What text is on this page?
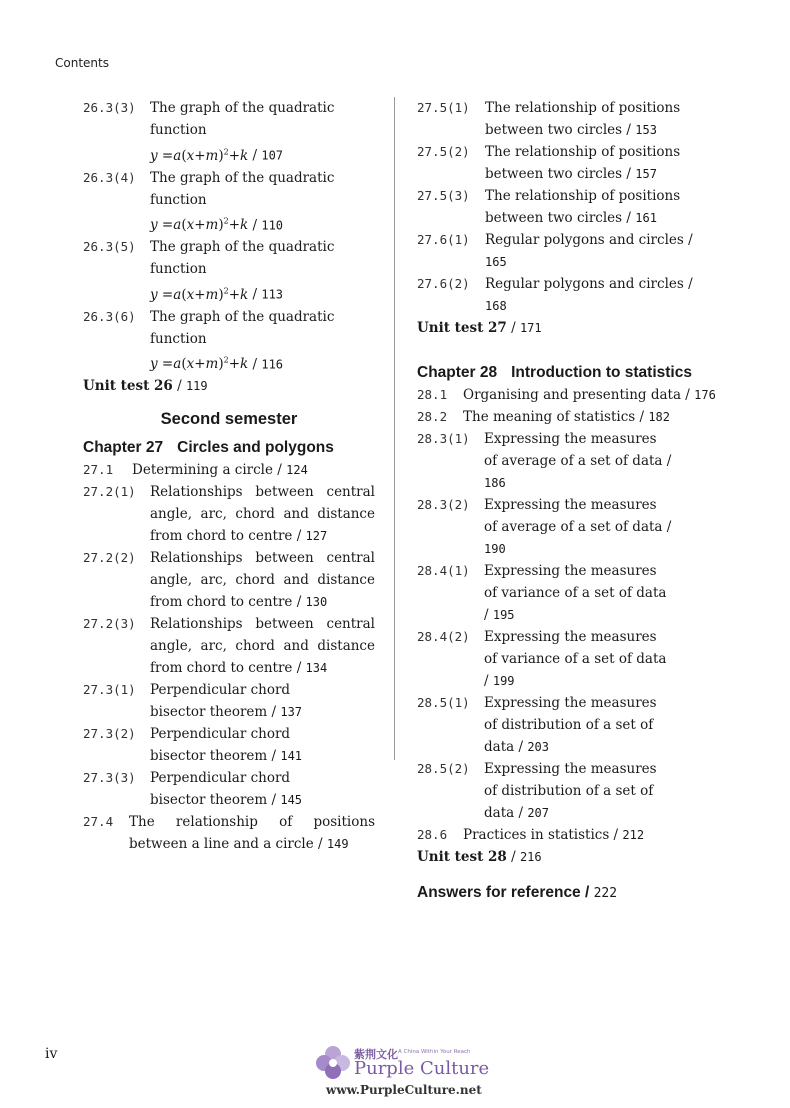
Contents
26.3(3)	The graph of the quadratic function
$y =a(x+m)^2+k / 107$
26.3(4)	The graph of the quadratic function
$y =a(x+m)^2+k / 110$
26.3(5)	The graph of the quadratic function
$y =a(x+m)^2+k / 113$
26.3(6)	The graph of the quadratic function
$y =a(x+m)^2+k / 116$
Unit test 26 / 119
Second semester
Chapter 27 Circles and polygons
27.1	Determining a circle / 124
27.2(1)	Relationships between central angle, arc, chord and distance from chord to centre / 127
27.2(2)	Relationships between central angle, arc, chord and distance from chord to centre / 130
27.2(3)	Relationships between central angle, arc, chord and distance from chord to centre / 134
27.3(1)	Perpendicular chord bisector theorem / 137
27.3(2)	Perpendicular chord bisector theorem / 141
27.3(3)	Perpendicular chord bisector theorem / 145
27.4	The relationship of positions between a line and a circle / 149
27.5(1)	The relationship of positions between two circles / 153
27.5(2)	The relationship of positions between two circles / 157
27.5(3)	The relationship of positions between two circles / 161
27.6(1)	Regular polygons and circles / 165
27.6(2)	Regular polygons and circles / 168
Unit test 27 / 171
Chapter 28 Introduction to statistics
28.1	Organising and presenting data / 176
28.2	The meaning of statistics / 182
28.3(1)	Expressing the measures of average of a set of data / 186
28.3(2)	Expressing the measures of average of a set of data / 190
28.4(1)	Expressing the measures of variance of a set of data / 195
28.4(2)	Expressing the measures of variance of a set of data / 199
28.5(1)	Expressing the measures of distribution of a set of data / 203
28.5(2)	Expressing the measures of distribution of a set of data / 207
28.6	Practices in statistics / 212
Unit test 28 / 216
Answers for reference / 222
iv	紫荆文化 A China Within Your Reach
Purple Culture
www.PurpleCulture.net
